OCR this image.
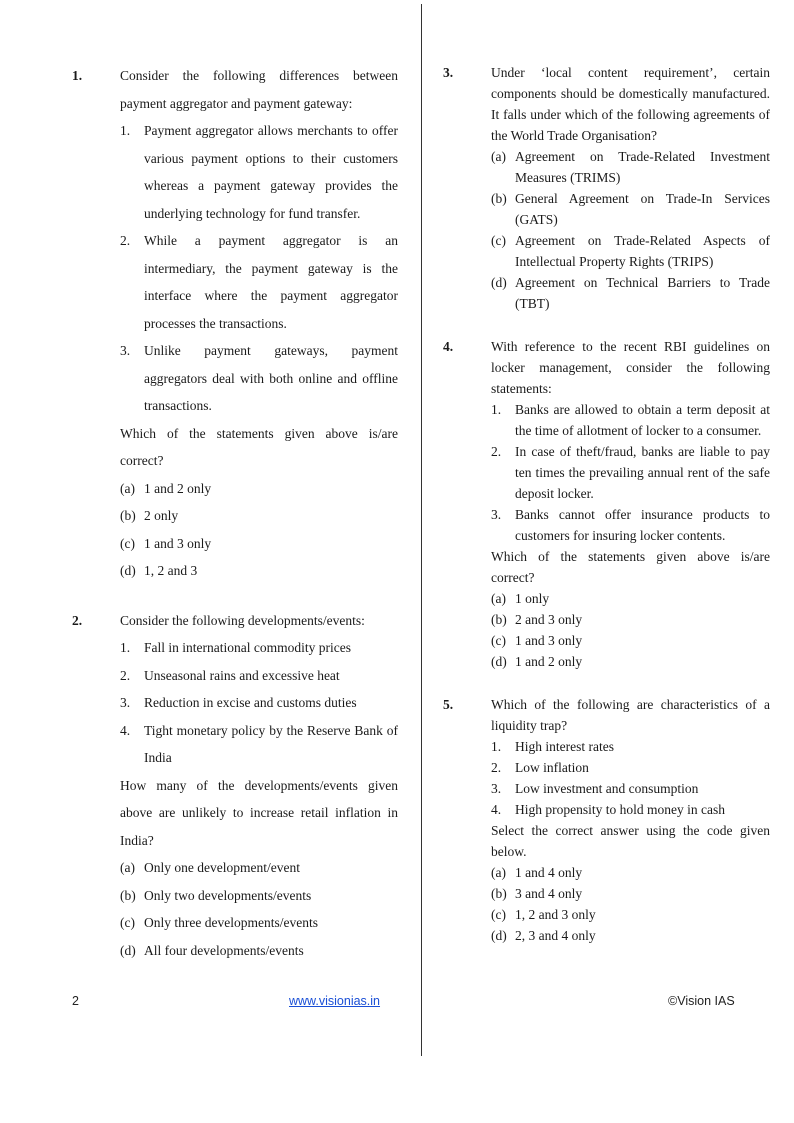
1.	Consider the following differences between payment aggregator and payment gateway:
1.	Payment aggregator allows merchants to offer various payment options to their customers whereas a payment gateway provides the underlying technology for fund transfer.
2.	While a payment aggregator is an intermediary, the payment gateway is the interface where the payment aggregator processes the transactions.
3.	Unlike payment gateways, payment aggregators deal with both online and offline transactions.
Which of the statements given above is/are correct?
(a) 1 and 2 only
(b) 2 only
(c) 1 and 3 only
(d) 1, 2 and 3
2.	Consider the following developments/events:
1.	Fall in international commodity prices
2.	Unseasonal rains and excessive heat
3.	Reduction in excise and customs duties
4.	Tight monetary policy by the Reserve Bank of India
How many of the developments/events given above are unlikely to increase retail inflation in India?
(a) Only one development/event
(b) Only two developments/events
(c) Only three developments/events
(d) All four developments/events
3.	Under ‘local content requirement’, certain components should be domestically manufactured. It falls under which of the following agreements of the World Trade Organisation?
(a) Agreement on Trade-Related Investment Measures (TRIMS)
(b) General Agreement on Trade-In Services (GATS)
(c) Agreement on Trade-Related Aspects of Intellectual Property Rights (TRIPS)
(d) Agreement on Technical Barriers to Trade (TBT)
4.	With reference to the recent RBI guidelines on locker management, consider the following statements:
1.	Banks are allowed to obtain a term deposit at the time of allotment of locker to a consumer.
2.	In case of theft/fraud, banks are liable to pay ten times the prevailing annual rent of the safe deposit locker.
3.	Banks cannot offer insurance products to customers for insuring locker contents.
Which of the statements given above is/are correct?
(a) 1 only
(b) 2 and 3 only
(c) 1 and 3 only
(d) 1 and 2 only
5.	Which of the following are characteristics of a liquidity trap?
1.	High interest rates
2.	Low inflation
3.	Low investment and consumption
4.	High propensity to hold money in cash
Select the correct answer using the code given below.
(a) 1 and 4 only
(b) 3 and 4 only
(c) 1, 2 and 3 only
(d) 2, 3 and 4 only
2	www.visionias.in	©Vision IAS
